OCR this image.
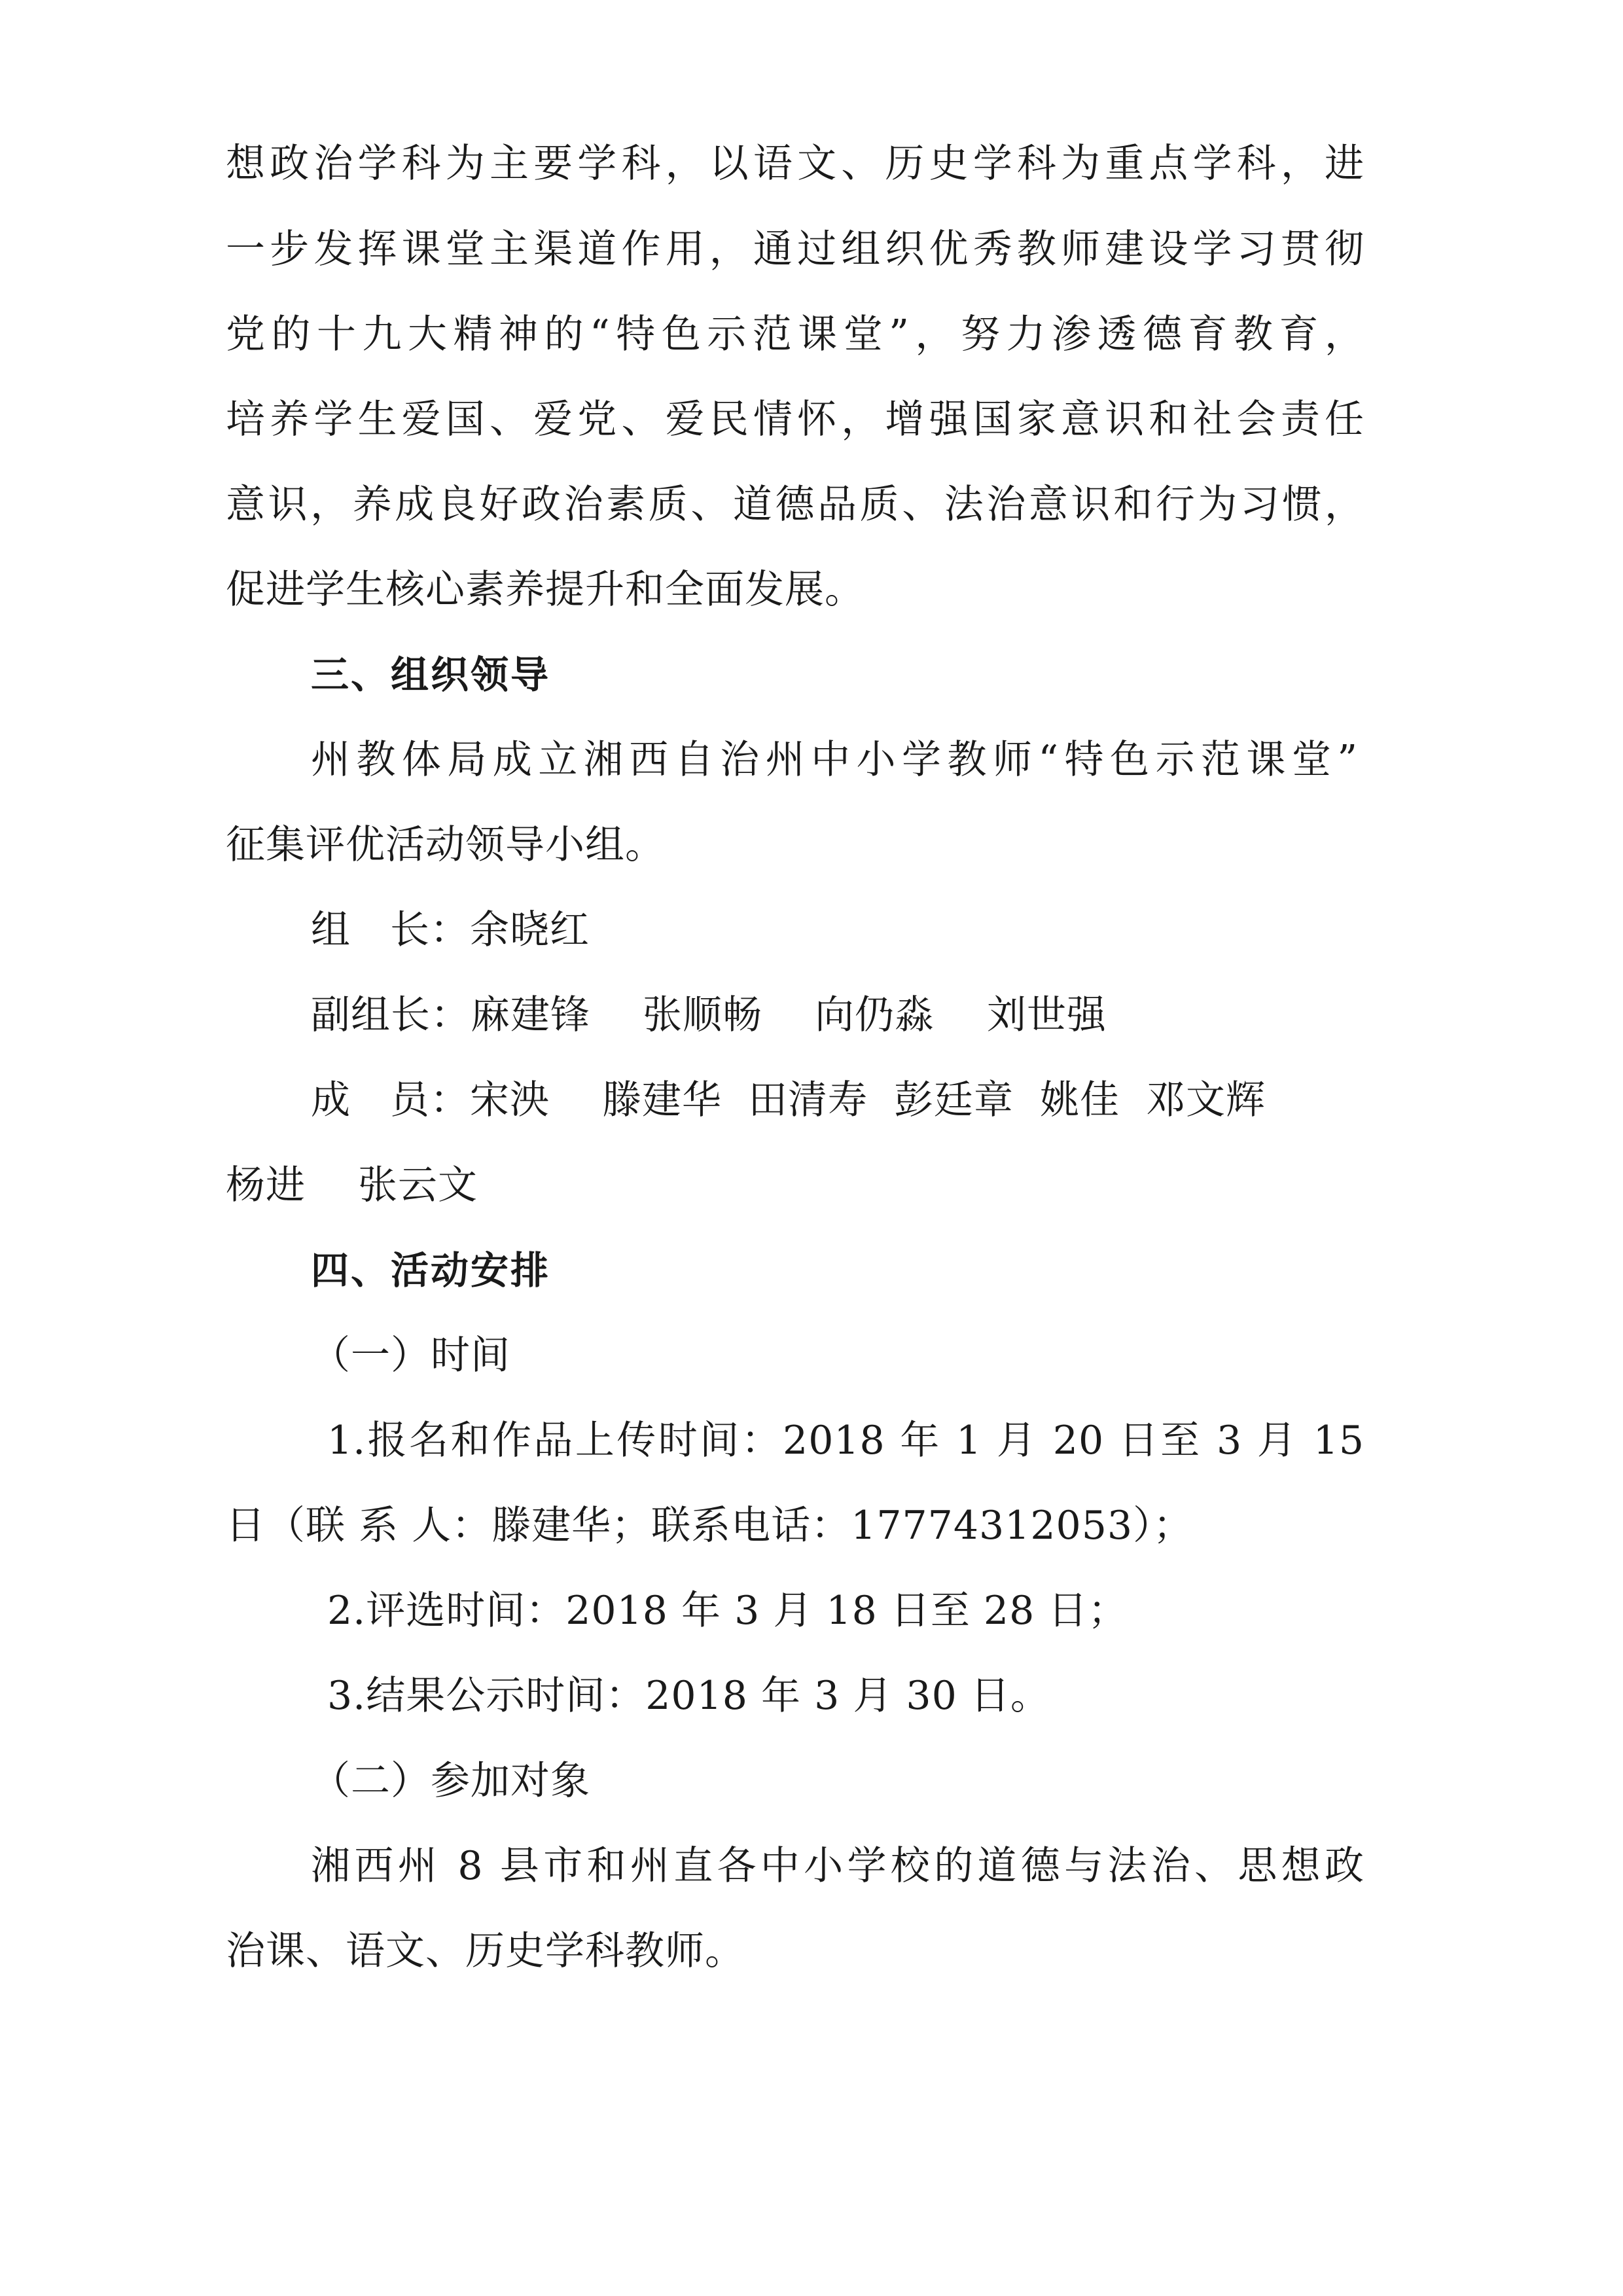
想政治学科为主要学科，以语文、历史学科为重点学科，进
一步发挥课堂主渠道作用，通过组织优秀教师建设学习贯彻
党的十九大精神的“特色示范课堂”，努力渗透德育教育，
培养学生爱国、爱党、爱民情怀，增强国家意识和社会责任
意识，养成良好政治素质、道德品质、法治意识和行为习惯，
促进学生核心素养提升和全面发展。
三、组织领导
州教体局成立湘西自治州中小学教师“特色示范课堂”
征集评优活动领导小组。
组 长：余晓红
副组长：麻建锋 张顺畅 向仍淼 刘世强
成 员：宋泱 滕建华 田清寿 彭廷章 姚佳 邓文辉
杨进 张云文
四、活动安排
（一）时间
1.报名和作品上传时间：2018 年 1 月 20 日至 3 月 15
日（联 系 人：滕建华；联系电话：17774312053）；
2.评选时间：2018 年 3 月 18 日至 28 日；
3.结果公示时间：2018 年 3 月 30 日。
（二）参加对象
湘西州 8 县市和州直各中小学校的道德与法治、思想政
治课、语文、历史学科教师。
